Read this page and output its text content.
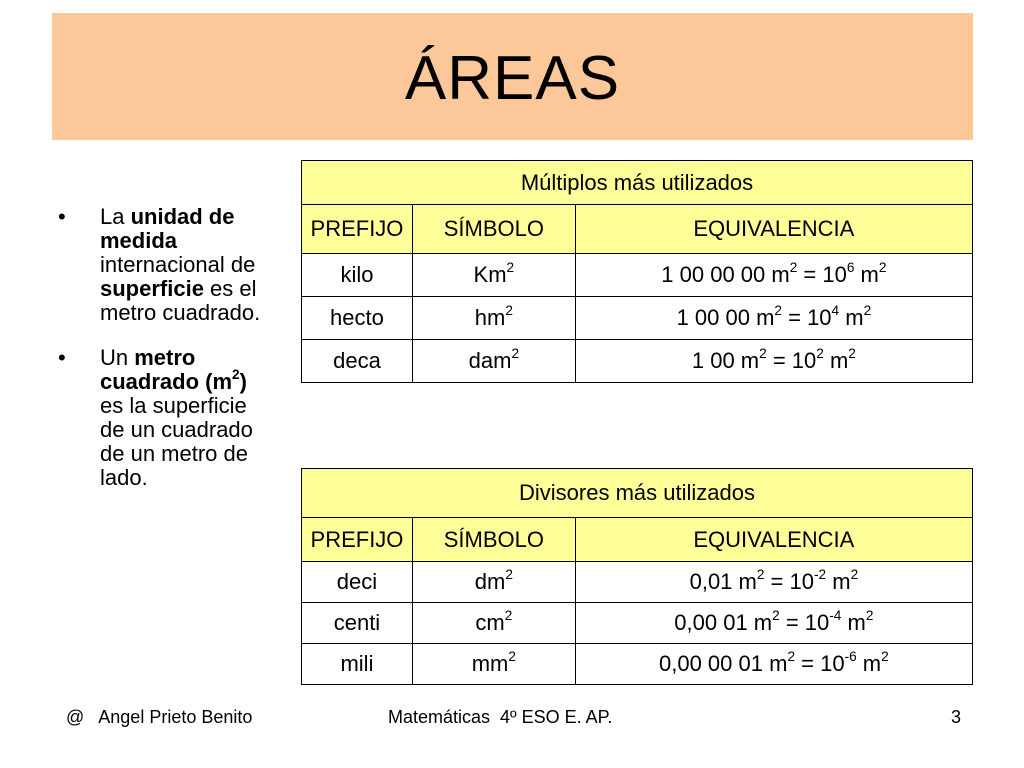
ÁREAS
•	La unidad de medida internacional de superficie es el metro cuadrado.
•	Un metro cuadrado $(m^2)$ es la superficie de un cuadrado de un metro de lado.
Múltiplos más utilizados		
PREFIJO	SÍMBOLO	EQUIVALENCIA
kilo	Km$^2$	1 00 00 00 $m^2 = 10^6$ $m^2$
hecto	$hm^2$	1 00 00 $m^2 = 10^4$ $m^2$
deca	dam$^2$	1 00 $m^2 = 10^2$ $m^2$
Divisores más utilizados		
PREFIJO	SÍMBOLO	EQUIVALENCIA
deci	$dm^2$	0,01 $m^2 = 10^{-2}$ $m^2$
centi	$cm^2$	0,00 01 $m^2 = 10^{-4}$ $m^2$
mili	$mm^2$	0,00 00 01 $m^2 = 10^{-6}$ $m^2$
@   Angel Prieto Benito	Matemáticas  4º ESO E. AP.	3
